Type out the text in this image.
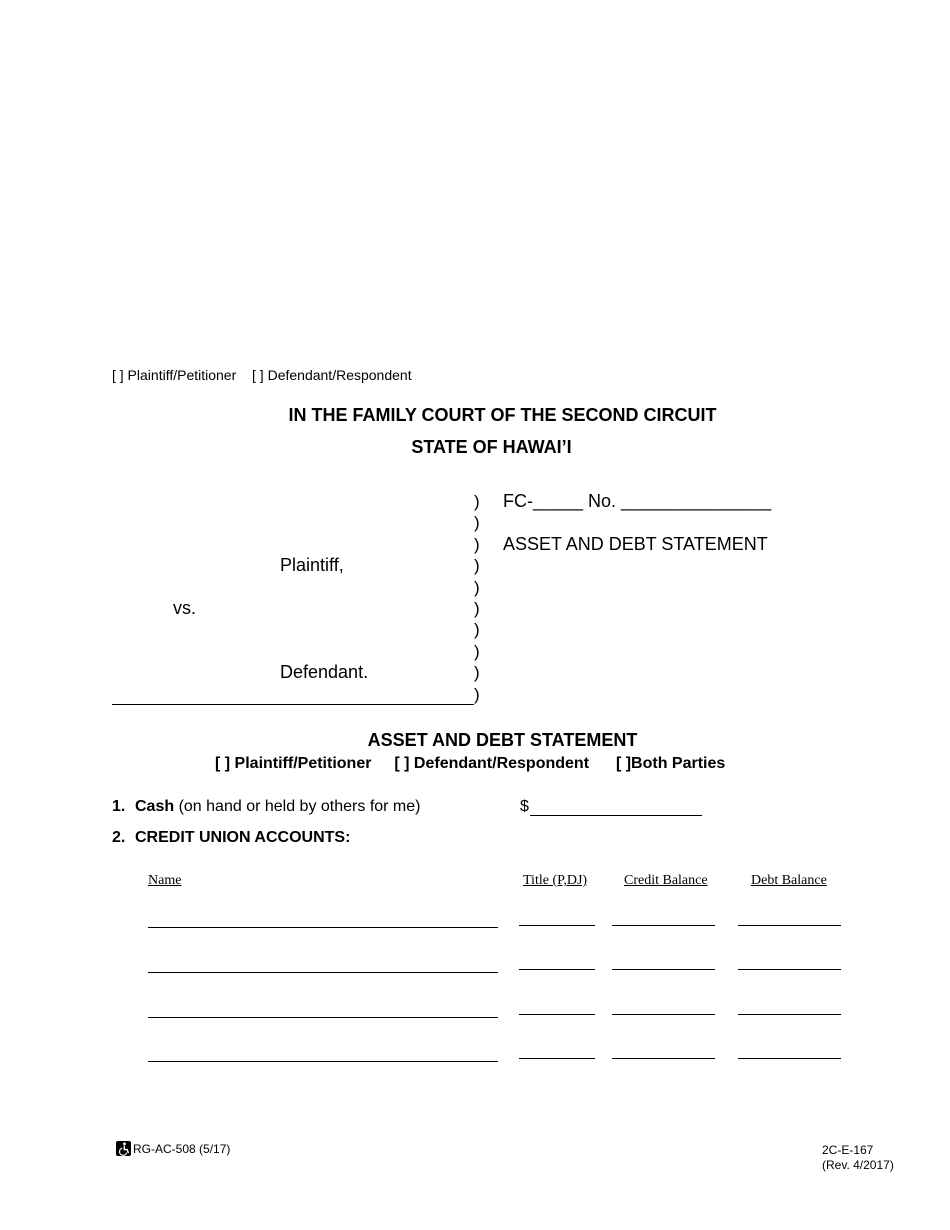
[ ] Plaintiff/Petitioner [ ] Defendant/Respondent
IN THE FAMILY COURT OF THE SECOND CIRCUIT
STATE OF HAWAI’I
Plaintiff,
vs.
Defendant.
)
)
)
)
)
)
)
)
)
)
FC-_____ No. _______________
ASSET AND DEBT STATEMENT
ASSET AND DEBT STATEMENT
[ ] Plaintiff/Petitioner [ ] Defendant/Respondent [ ]Both Parties
1. Cash (on hand or held by others for me)	$
2. CREDIT UNION ACCOUNTS:
Name	Title (P,DJ)	Credit Balance	Debt Balance
RG-AC-508 (5/17)	2C-E-167
(Rev. 4/2017)
